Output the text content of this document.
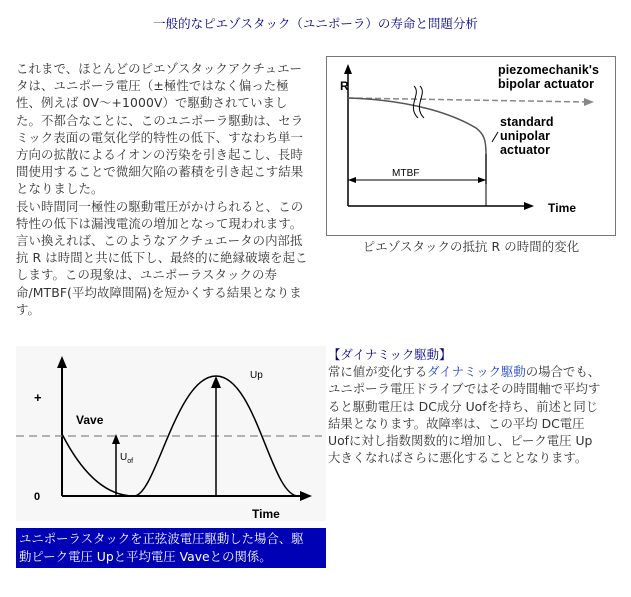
一般的なピエゾスタック（ユニポーラ）の寿命と問題分析
MTBF
R
Time
piezomechanik's
bipolar actuator
standard
unipolar
actuator
ピエゾスタックの抵抗 R の時間的変化
これまで、ほとんどのピエゾスタックアクチュエー
タは、ユニポーラ電圧（±極性ではなく偏った極
性、例えば 0V～+1000V）で駆動されていまし
た。不都合なことに、このユニポーラ駆動は、セラ
ミック表面の電気化学的特性の低下、すなわち単一
方向の拡散によるイオンの汚染を引き起こし、長時
間使用することで微細欠陥の蓄積を引き起こす結果
となりました。
長い時間同一極性の駆動電圧がかけられると、この
特性の低下は漏洩電流の増加となって現われます。
言い換えれば、このようなアクチュエータの内部抵
抗 R は時間と共に低下し、最終的に絶縁破壊を起こ
します。この現象は、ユニポーラスタックの寿命/MTBF(平均故障間隔)を短かくする結果となりま
す。
+
0
Vave
$U_{of}$
Up
Time
ユニポーラスタックを正弦波電圧駆動した場合、駆
動ピーク電圧 Upと平均電圧 Vaveとの関係。
【ダイナミック駆動】
常に値が変化するダイナミック駆動の場合でも、
ユニポーラ電圧ドライブではその時間軸で平均す
ると駆動電圧は DC成分 Uofを持ち、前述と同じ
結果となります。故障率は、この平均 DC電圧
Uofに対し指数関数的に増加し、ピーク電圧 Up
大きくなればさらに悪化することとなります。
